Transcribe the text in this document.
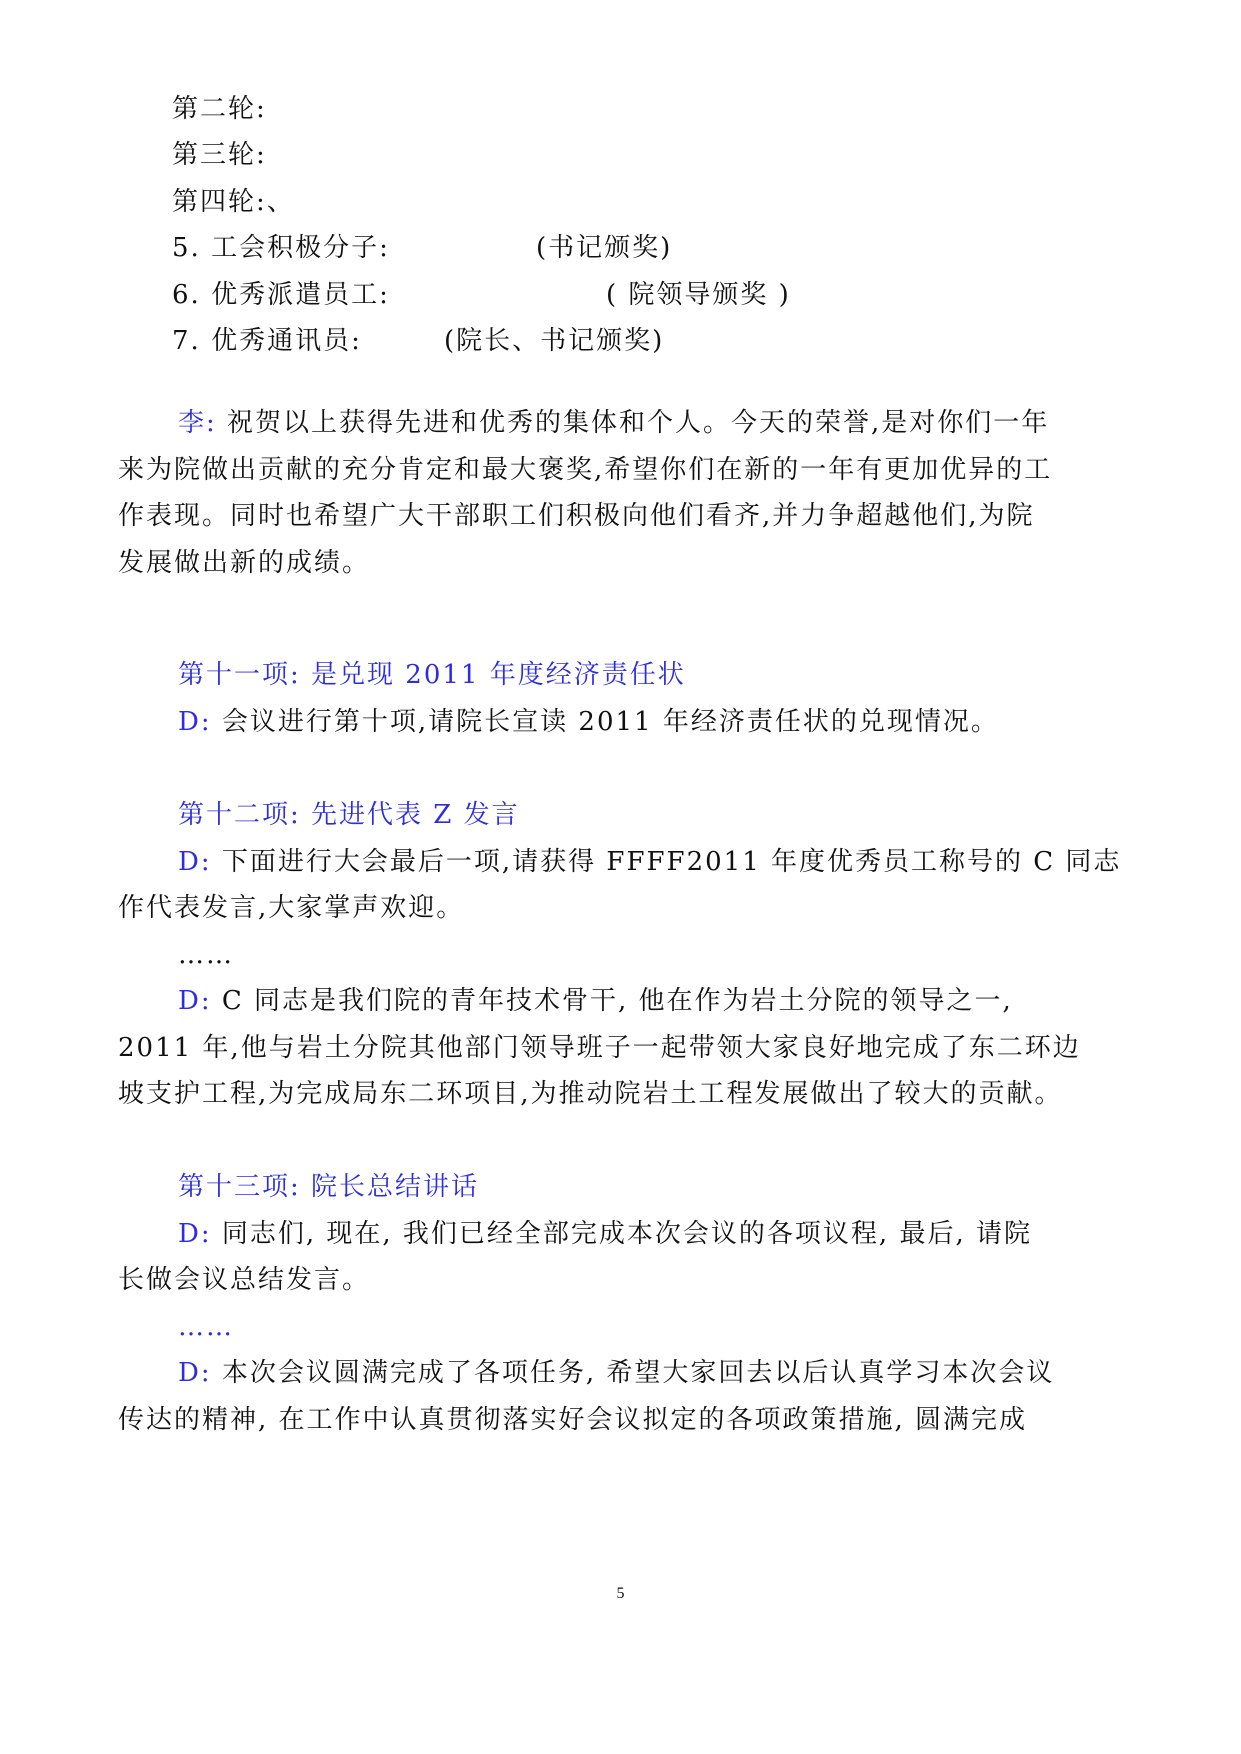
第二轮:
第三轮:
第四轮:、
5. 工会积极分子:	(书记颁奖)
6. 优秀派遣员工:	( 院领导颁奖 )
7. 优秀通讯员:	(院长、书记颁奖)
李: 祝贺以上获得先进和优秀的集体和个人。今天的荣誉,是对你们一年
来为院做出贡献的充分肯定和最大褒奖,希望你们在新的一年有更加优异的工
作表现。同时也希望广大干部职工们积极向他们看齐,并力争超越他们,为院
发展做出新的成绩。
第十一项: 是兑现 2011 年度经济责任状
D: 会议进行第十项,请院长宣读 2011 年经济责任状的兑现情况。
第十二项: 先进代表 Z 发言
D: 下面进行大会最后一项,请获得 FFFF2011 年度优秀员工称号的 C 同志
作代表发言,大家掌声欢迎。
……
D: C 同志是我们院的青年技术骨干, 他在作为岩土分院的领导之一,
2011 年,他与岩土分院其他部门领导班子一起带领大家良好地完成了东二环边
坡支护工程,为完成局东二环项目,为推动院岩土工程发展做出了较大的贡献。
第十三项: 院长总结讲话
D: 同志们, 现在, 我们已经全部完成本次会议的各项议程, 最后, 请院
长做会议总结发言。
……
D: 本次会议圆满完成了各项任务, 希望大家回去以后认真学习本次会议
传达的精神, 在工作中认真贯彻落实好会议拟定的各项政策措施, 圆满完成
5
